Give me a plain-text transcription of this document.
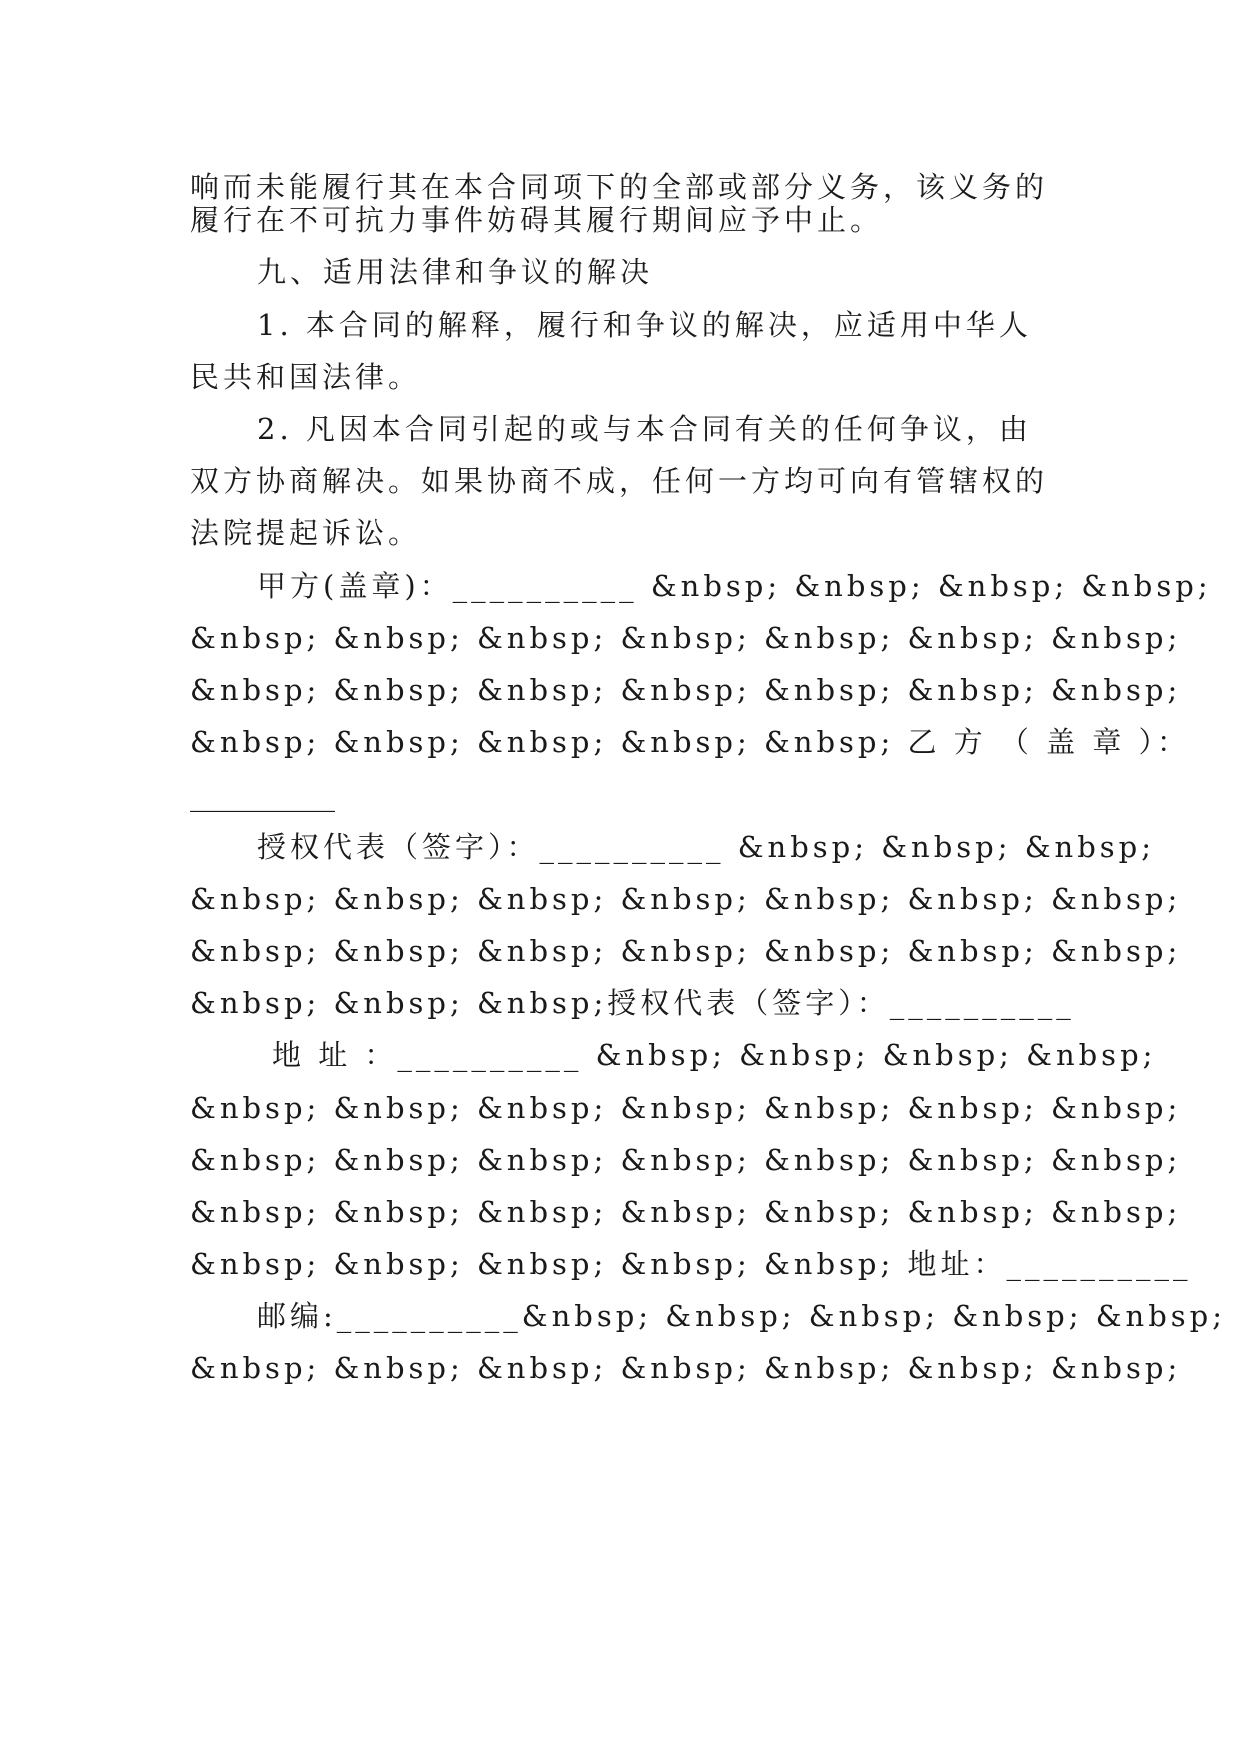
响而未能履行其在本合同项下的全部或部分义务，该义务的
履行在不可抗力事件妨碍其履行期间应予中止。
九、适用法律和争议的解决
1. 本合同的解释，履行和争议的解决，应适用中华人
民共和国法律。
2. 凡因本合同引起的或与本合同有关的任何争议，由
双方协商解决。如果协商不成，任何一方均可向有管辖权的
法院提起诉讼。
甲方(盖章)：__________ &nbsp; &nbsp; &nbsp; &nbsp;
&nbsp; &nbsp; &nbsp; &nbsp; &nbsp; &nbsp; &nbsp;
&nbsp; &nbsp; &nbsp; &nbsp; &nbsp; &nbsp; &nbsp;
&nbsp; &nbsp; &nbsp; &nbsp; &nbsp; 乙 方 （ 盖 章 ）：
__________
授权代表（签字）：__________ &nbsp; &nbsp; &nbsp;
&nbsp; &nbsp; &nbsp; &nbsp; &nbsp; &nbsp; &nbsp;
&nbsp; &nbsp; &nbsp; &nbsp; &nbsp; &nbsp; &nbsp;
&nbsp; &nbsp; &nbsp;授权代表（签字）：__________
地 址 ：__________ &nbsp; &nbsp; &nbsp; &nbsp;
&nbsp; &nbsp; &nbsp; &nbsp; &nbsp; &nbsp; &nbsp;
&nbsp; &nbsp; &nbsp; &nbsp; &nbsp; &nbsp; &nbsp;
&nbsp; &nbsp; &nbsp; &nbsp; &nbsp; &nbsp; &nbsp;
&nbsp; &nbsp; &nbsp; &nbsp; &nbsp; 地址：__________
邮编:__________&nbsp; &nbsp; &nbsp; &nbsp; &nbsp;
&nbsp; &nbsp; &nbsp; &nbsp; &nbsp; &nbsp; &nbsp;
